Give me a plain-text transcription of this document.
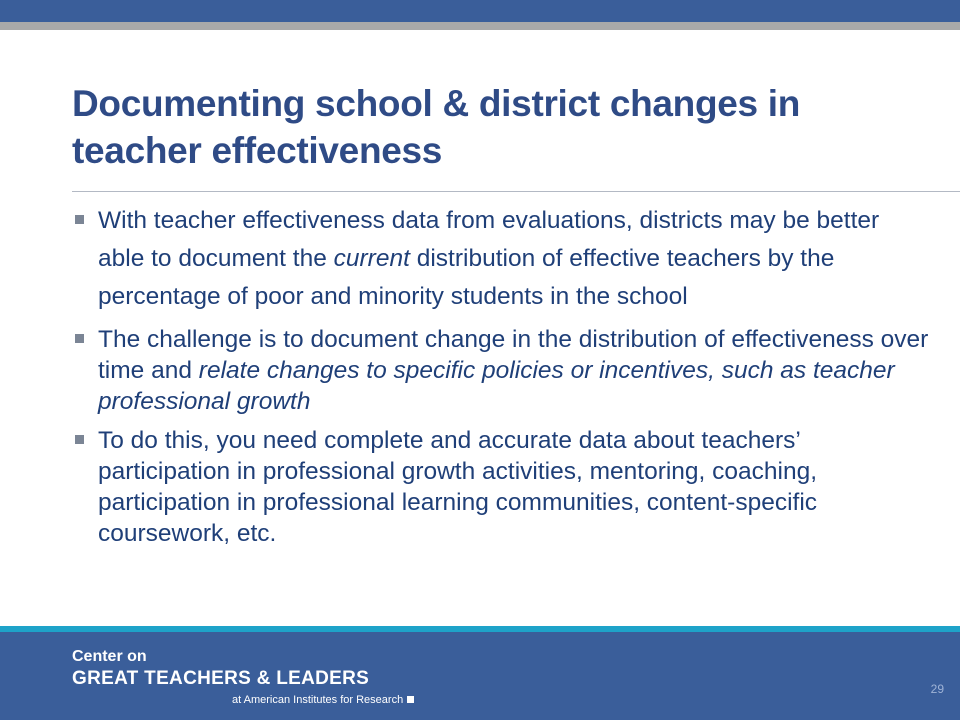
Documenting school & district changes in teacher effectiveness
With teacher effectiveness data from evaluations, districts may be better able to document the current distribution of effective teachers by the percentage of poor and minority students in the school
The challenge is to document change in the distribution of effectiveness over time and relate changes to specific policies or incentives, such as teacher professional growth
To do this, you need complete and accurate data about teachers’ participation in professional growth activities, mentoring, coaching, participation in professional learning communities, content-specific coursework, etc.
Center on
GREAT TEACHERS & LEADERS
at American Institutes for Research
29
